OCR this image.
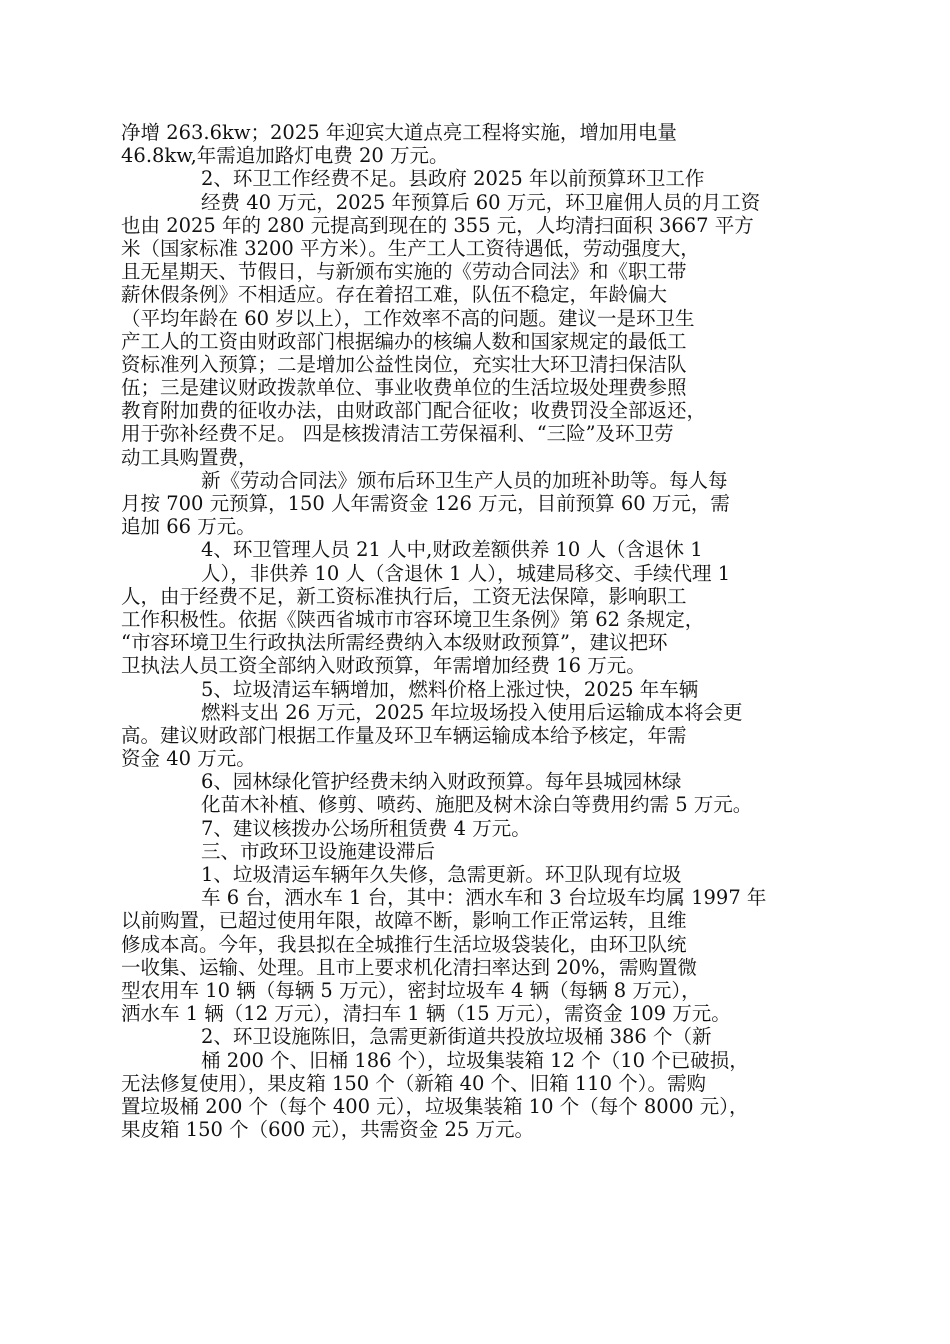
净增 263.6kw；2025 年迎宾大道点亮工程将实施，增加用电量
46.8kw,年需追加路灯电费 20 万元。
2、环卫工作经费不足。县政府 2025 年以前预算环卫工作
经费 40 万元，2025 年预算后 60 万元，环卫雇佣人员的月工资
也由 2025 年的 280 元提高到现在的 355 元，人均清扫面积 3667 平方
米（国家标准 3200 平方米）。生产工人工资待遇低，劳动强度大，
且无星期天、节假日，与新颁布实施的《劳动合同法》和《职工带
薪休假条例》不相适应。存在着招工难，队伍不稳定，年龄偏大
（平均年龄在 60 岁以上），工作效率不高的问题。建议一是环卫生
产工人的工资由财政部门根据编办的核编人数和国家规定的最低工
资标准列入预算；二是增加公益性岗位，充实壮大环卫清扫保洁队
伍；三是建议财政拨款单位、事业收费单位的生活垃圾处理费参照
教育附加费的征收办法，由财政部门配合征收；收费罚没全部返还，
用于弥补经费不足。 四是核拨清洁工劳保福利、“三险”及环卫劳
动工具购置费，
新《劳动合同法》颁布后环卫生产人员的加班补助等。每人每
月按 700 元预算，150 人年需资金 126 万元，目前预算 60 万元，需
追加 66 万元。
4、环卫管理人员 21 人中,财政差额供养 10 人（含退休 1
人），非供养 10 人（含退休 1 人），城建局移交、手续代理 1
人，由于经费不足，新工资标准执行后，工资无法保障，影响职工
工作积极性。依据《陕西省城市市容环境卫生条例》第 62 条规定，
“市容环境卫生行政执法所需经费纳入本级财政预算”，建议把环
卫执法人员工资全部纳入财政预算，年需增加经费 16 万元。
5、垃圾清运车辆增加，燃料价格上涨过快，2025 年车辆
燃料支出 26 万元，2025 年垃圾场投入使用后运输成本将会更
高。建议财政部门根据工作量及环卫车辆运输成本给予核定，年需
资金 40 万元。
6、园林绿化管护经费未纳入财政预算。每年县城园林绿
化苗木补植、修剪、喷药、施肥及树木涂白等费用约需 5 万元。
7、建议核拨办公场所租赁费 4 万元。
三、市政环卫设施建设滞后
1、垃圾清运车辆年久失修，急需更新。环卫队现有垃圾
车 6 台，洒水车 1 台，其中：洒水车和 3 台垃圾车均属 1997 年
以前购置，已超过使用年限，故障不断，影响工作正常运转，且维
修成本高。今年，我县拟在全城推行生活垃圾袋装化，由环卫队统
一收集、运输、处理。且市上要求机化清扫率达到 20%，需购置微
型农用车 10 辆（每辆 5 万元），密封垃圾车 4 辆（每辆 8 万元），
洒水车 1 辆（12 万元），清扫车 1 辆（15 万元），需资金 109 万元。
2、环卫设施陈旧，急需更新街道共投放垃圾桶 386 个（新
桶 200 个、旧桶 186 个），垃圾集装箱 12 个（10 个已破损，
无法修复使用），果皮箱 150 个（新箱 40 个、旧箱 110 个）。需购
置垃圾桶 200 个（每个 400 元），垃圾集装箱 10 个（每个 8000 元），
果皮箱 150 个（600 元），共需资金 25 万元。
